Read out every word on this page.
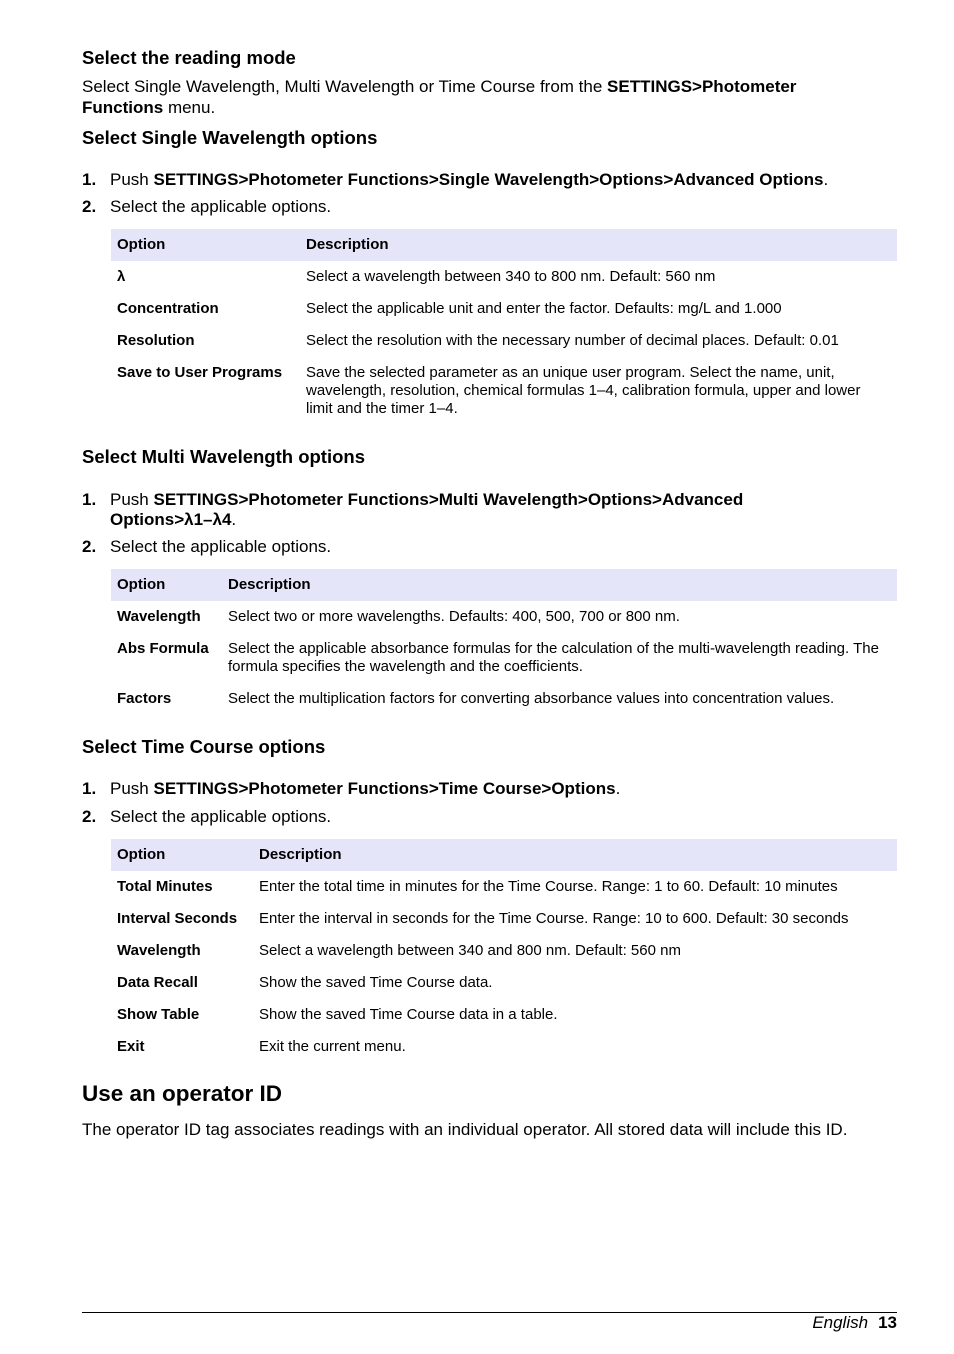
Select the reading mode

Select Single Wavelength, Multi Wavelength or Time Course from the SETTINGS>Photometer Functions menu.

Select Single Wavelength options
1. Push SETTINGS>Photometer Functions>Single Wavelength>Options>Advanced Options.
2. Select the applicable options.
Option	Description
λ	Select a wavelength between 340 to 800 nm. Default: 560 nm
Concentration	Select the applicable unit and enter the factor. Defaults: mg/L and 1.000
Resolution	Select the resolution with the necessary number of decimal places. Default: 0.01
Save to User Programs	Save the selected parameter as an unique user program. Select the name, unit, wavelength, resolution, chemical formulas 1–4, calibration formula, upper and lower limit and the timer 1–4.
Select Multi Wavelength options
1. Push SETTINGS>Photometer Functions>Multi Wavelength>Options>Advanced Options>λ1–λ4.
2. Select the applicable options.
Option	Description
Wavelength	Select two or more wavelengths. Defaults: 400, 500, 700 or 800 nm.
Abs Formula	Select the applicable absorbance formulas for the calculation of the multi-wavelength reading. The formula specifies the wavelength and the coefficients.
Factors	Select the multiplication factors for converting absorbance values into concentration values.
Select Time Course options
1. Push SETTINGS>Photometer Functions>Time Course>Options.
2. Select the applicable options.
Option	Description
Total Minutes	Enter the total time in minutes for the Time Course. Range: 1 to 60. Default: 10 minutes
Interval Seconds	Enter the interval in seconds for the Time Course. Range: 10 to 600. Default: 30 seconds
Wavelength	Select a wavelength between 340 and 800 nm. Default: 560 nm
Data Recall	Show the saved Time Course data.
Show Table	Show the saved Time Course data in a table.
Exit	Exit the current menu.
Use an operator ID

The operator ID tag associates readings with an individual operator. All stored data will include this ID.

English 13
